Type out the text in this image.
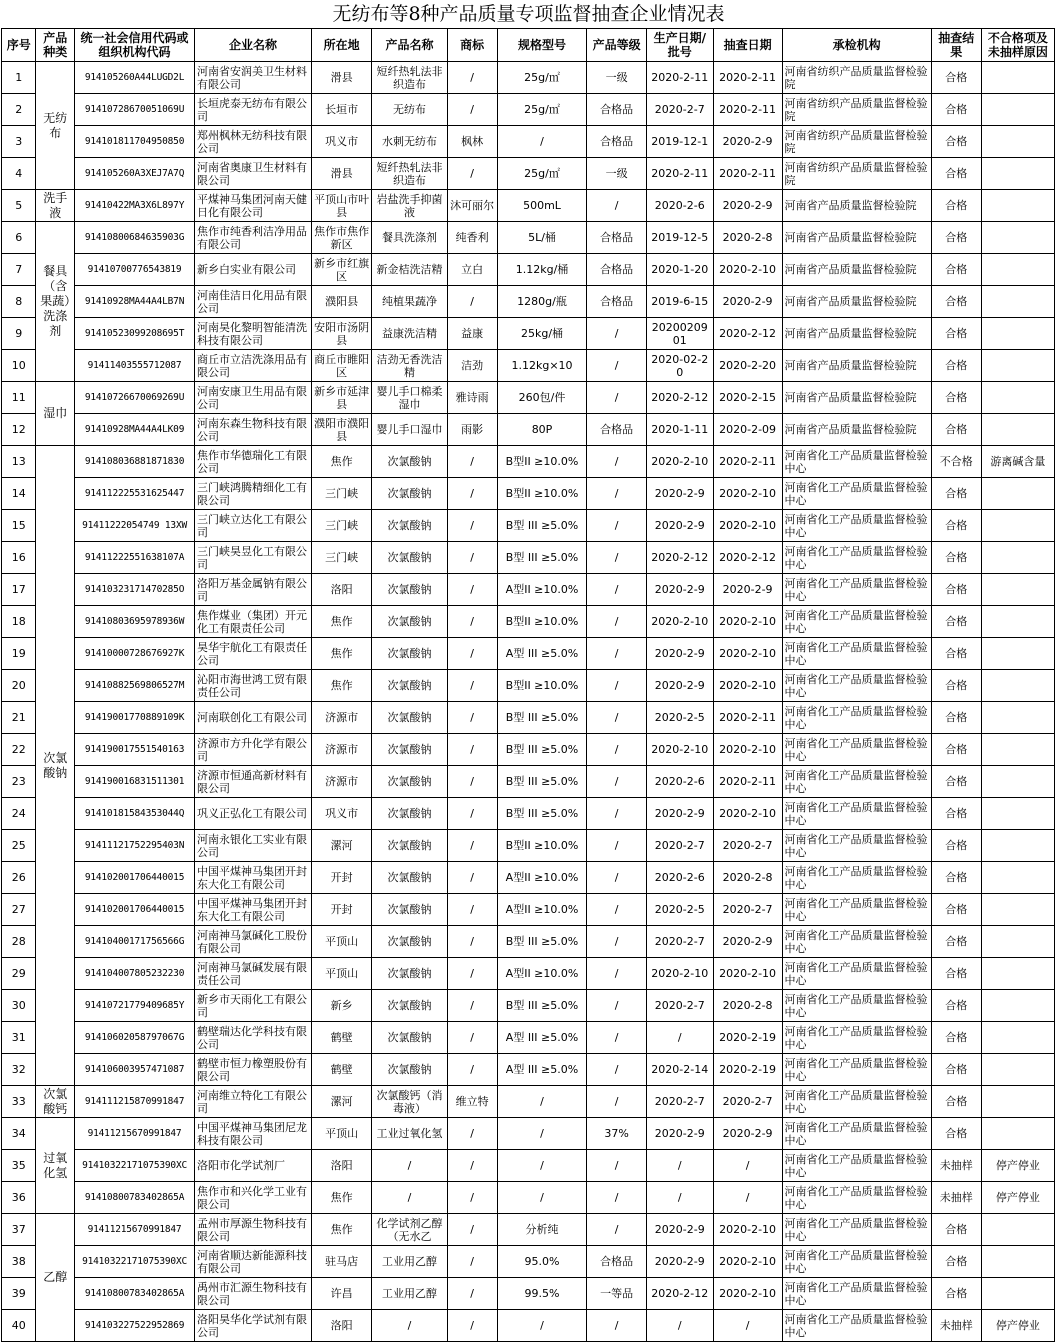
无纺布等8种产品质量专项监督抽查企业情况表
序号	产品种类	统一社会信用代码或组织机构代码	企业名称	所在地	产品名称	商标	规格型号	产品等级	生产日期/批号	抽查日期	承检机构	抽查结果	不合格项及未抽样原因
1	无纺布	914105260A44LUGD2L	河南省安润美卫生材料有限公司	滑县	短纤热轧法非织造布	/	25g/㎡	一级	2020-2-11	2020-2-11	河南省纺织产品质量监督检验院	合格	
2		91410728670051069U	长垣虎泰无纺布有限公司	长垣市	无纺布	/	25g/㎡	合格品	2020-2-7	2020-2-11	河南省纺织产品质量监督检验院	合格	
3		914101811704950850	郑州枫林无纺科技有限公司	巩义市	水刺无纺布	枫林	/	合格品	2019-12-1	2020-2-9	河南省纺织产品质量监督检验院	合格	
4		914105260A3XEJ7A7Q	河南省奥康卫生材料有限公司	滑县	短纤热轧法非织造布	/	25g/㎡	一级	2020-2-11	2020-2-11	河南省纺织产品质量监督检验院	合格	
5	洗手液	91410422MA3X6L897Y	平煤神马集团河南天健日化有限公司	平顶山市叶县	岩盐洗手抑菌液	沐可丽尔	500mL	/	2020-2-6	2020-2-9	河南省产品质量监督检验院	合格	
6	餐具（含果蔬）洗涤剂	91410800684635903G	焦作市纯香利洁净用品有限公司	焦作市焦作新区	餐具洗涤剂	纯香利	5L/桶	合格品	2019-12-5	2020-2-8	河南省产品质量监督检验院	合格	
7		91410700776543819	新乡白实业有限公司	新乡市红旗区	新金桔洗洁精	立白	1.12kg/桶	合格品	2020-1-20	2020-2-10	河南省产品质量监督检验院	合格	
8		91410928MA44A4LB7N	河南佳洁日化用品有限公司	濮阳县	纯植果蔬净	/	1280g/瓶	合格品	2019-6-15	2020-2-9	河南省产品质量监督检验院	合格	
9		91410523099208695T	河南昊化黎明智能清洗科技有限公司	安阳市汤阴县	益康洗洁精	益康	25kg/桶	/	2020020901	2020-2-12	河南省产品质量监督检验院	合格	
10		91411403555712087	商丘市立洁洗涤用品有限公司	商丘市睢阳区	洁劲无香洗洁精	洁劲	1.12kg×10	/	2020-02-20	2020-2-20	河南省产品质量监督检验院	合格	
11	湿巾	91410726670069269U	河南安康卫生用品有限公司	新乡市延津县	婴儿手口棉柔湿巾	雅诗雨	260包/件	/	2020-2-12	2020-2-15	河南省产品质量监督检验院	合格	
12		91410928MA44A4LK09	河南东森生物科技有限公司	濮阳市濮阳县	婴儿手口湿巾	雨影	80P	合格品	2020-1-11	2020-2-09	河南省产品质量监督检验院	合格	
13	次氯酸钠	914108036881871830	焦作市华德瑞化工有限公司	焦作	次氯酸钠	/	B型II ≥10.0%	/	2020-2-10	2020-2-11	河南省化工产品质量监督检验中心	不合格	游离碱含量
14		914112225531625447	三门峡鸿腾精细化工有限公司	三门峡	次氯酸钠	/	B型II ≥10.0%	/	2020-2-9	2020-2-10	河南省化工产品质量监督检验中心	合格	
15		91411222054749 13XW	三门峡立达化工有限公司	三门峡	次氯酸钠	/	B型 III ≥5.0%	/	2020-2-9	2020-2-10	河南省化工产品质量监督检验中心	合格	
16		91411222551638107A	三门峡昊昱化工有限公司	三门峡	次氯酸钠	/	B型 III ≥5.0%	/	2020-2-12	2020-2-12	河南省化工产品质量监督检验中心	合格	
17		91410323171470285O	洛阳万基金属钠有限公司	洛阳	次氯酸钠	/	A型II ≥10.0%	/	2020-2-9	2020-2-9	河南省化工产品质量监督检验中心	合格	
18		91410803695978936W	焦作煤业（集团）开元化工有限责任公司	焦作	次氯酸钠	/	B型II ≥10.0%	/	2020-2-10	2020-2-10	河南省化工产品质量监督检验中心	合格	
19		91410000728676927K	昊华宇航化工有限责任公司	焦作	次氯酸钠	/	A型 III ≥5.0%	/	2020-2-9	2020-2-10	河南省化工产品质量监督检验中心	合格	
20		91410882569806527M	沁阳市海世鸿工贸有限责任公司	焦作	次氯酸钠	/	B型II ≥10.0%	/	2020-2-9	2020-2-10	河南省化工产品质量监督检验中心	合格	
21		91419001770889109K	河南联创化工有限公司	济源市	次氯酸钠	/	B型 III ≥5.0%	/	2020-2-5	2020-2-11	河南省化工产品质量监督检验中心	合格	
22		914190017551540163	济源市方升化学有限公司	济源市	次氯酸钠	/	B型 III ≥5.0%	/	2020-2-10	2020-2-10	河南省化工产品质量监督检验中心	合格	
23		914190016831511301	济源市恒通高新材料有限公司	济源市	次氯酸钠	/	B型 III ≥5.0%	/	2020-2-6	2020-2-11	河南省化工产品质量监督检验中心	合格	
24		91410181584353044Q	巩义正弘化工有限公司	巩义市	次氯酸钠	/	B型 III ≥5.0%	/	2020-2-9	2020-2-10	河南省化工产品质量监督检验中心	合格	
25		91411121752295403N	河南永银化工实业有限公司	漯河	次氯酸钠	/	B型II ≥10.0%	/	2020-2-7	2020-2-7	河南省化工产品质量监督检验中心	合格	
26		914102001706440015	中国平煤神马集团开封东大化工有限公司	开封	次氯酸钠	/	A型II ≥10.0%	/	2020-2-6	2020-2-8	河南省化工产品质量监督检验中心	合格	
27		914102001706440015	中国平煤神马集团开封东大化工有限公司	开封	次氯酸钠	/	A型II ≥10.0%	/	2020-2-5	2020-2-7	河南省化工产品质量监督检验中心	合格	
28		91410400171756566G	河南神马氯碱化工股份有限公司	平顶山	次氯酸钠	/	B型 III ≥5.0%	/	2020-2-7	2020-2-9	河南省化工产品质量监督检验中心	合格	
29		914104007805232230	河南神马氯碱发展有限责任公司	平顶山	次氯酸钠	/	A型II ≥10.0%	/	2020-2-10	2020-2-10	河南省化工产品质量监督检验中心	合格	
30		91410721779409685Y	新乡市天雨化工有限公司	新乡	次氯酸钠	/	B型 III ≥5.0%	/	2020-2-7	2020-2-8	河南省化工产品质量监督检验中心	合格	
31		91410602058797067G	鹤壁瑞达化学科技有限公司	鹤壁	次氯酸钠	/	A型 III ≥5.0%	/	/	2020-2-19	河南省化工产品质量监督检验中心	合格	
32		914106003957471087	鹤壁市恒力橡塑股份有限公司	鹤壁	次氯酸钠	/	A型 III ≥5.0%	/	2020-2-14	2020-2-19	河南省化工产品质量监督检验中心	合格	
33	次氯酸钙	914111215870991847	河南维立特化工有限公司	漯河	次氯酸钙（消毒液）	维立特	/	/	2020-2-7	2020-2-7	河南省化工产品质量监督检验中心	合格	
34	过氧化氢	91411215670991847	中国平煤神马集团尼龙科技有限公司	平顶山	工业过氧化氢	/	/	37%	2020-2-9	2020-2-9	河南省化工产品质量监督检验中心	合格	
35		91410322171075390XC	洛阳市化学试剂厂	洛阳	/	/	/	/	/	/	河南省化工产品质量监督检验中心	未抽样	停产停业
36		91410800783402865A	焦作市和兴化学工业有限公司	焦作	/	/	/	/	/	/	河南省化工产品质量监督检验中心	未抽样	停产停业
37	乙醇	91411215670991847	孟州市厚源生物科技有限公司	焦作	化学试剂乙醇（无水乙	/	分析纯	/	2020-2-9	2020-2-10	河南省化工产品质量监督检验中心	合格	
38		91410322171075390XC	河南省顺达新能源科技有限公司	驻马店	工业用乙醇	/	95.0%	合格品	2020-2-9	2020-2-10	河南省化工产品质量监督检验中心	合格	
39		91410800783402865A	禹州市汇源生物科技有限公司	许昌	工业用乙醇	/	99.5%	一等品	2020-2-12	2020-2-10	河南省化工产品质量监督检验中心	合格	
40		914103227522952869	洛阳昊华化学试剂有限公司	洛阳	/	/	/	/	/	/	河南省化工产品质量监督检验中心	未抽样	停产停业
